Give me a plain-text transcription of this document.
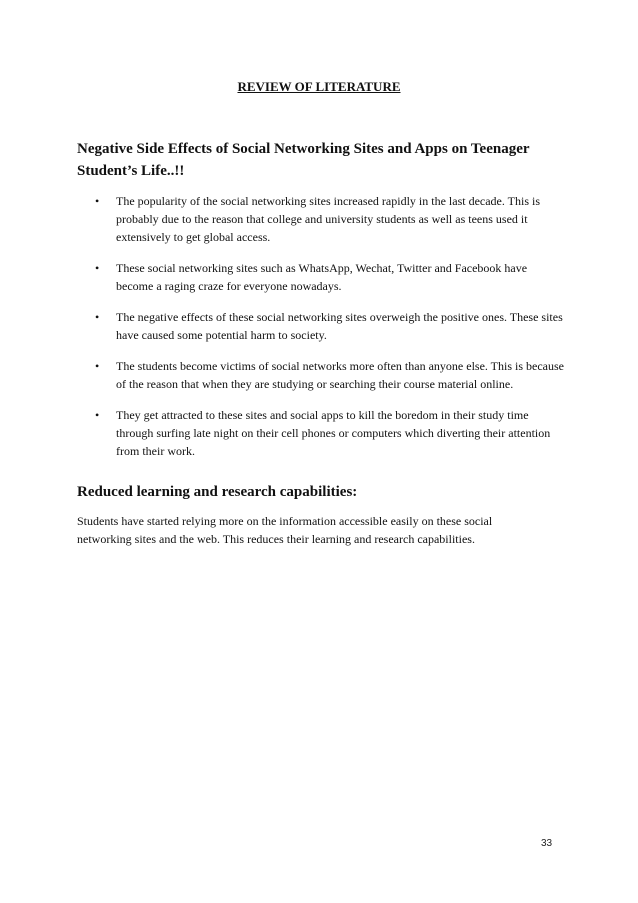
REVIEW OF LITERATURE
Negative Side Effects of Social Networking Sites and Apps on Teenager Student’s Life..!!
• The popularity of the social networking sites increased rapidly in the last decade. This is probably due to the reason that college and university students as well as teens used it extensively to get global access.
• These social networking sites such as WhatsApp, Wechat, Twitter and Facebook have become a raging craze for everyone nowadays.
• The negative effects of these social networking sites overweigh the positive ones. These sites have caused some potential harm to society.
• The students become victims of social networks more often than anyone else. This is because of the reason that when they are studying or searching their course material online.
• They get attracted to these sites and social apps to kill the boredom in their study time through surfing late night on their cell phones or computers which diverting their attention from their work.
Reduced learning and research capabilities:
Students have started relying more on the information accessible easily on these social networking sites and the web. This reduces their learning and research capabilities.
33
